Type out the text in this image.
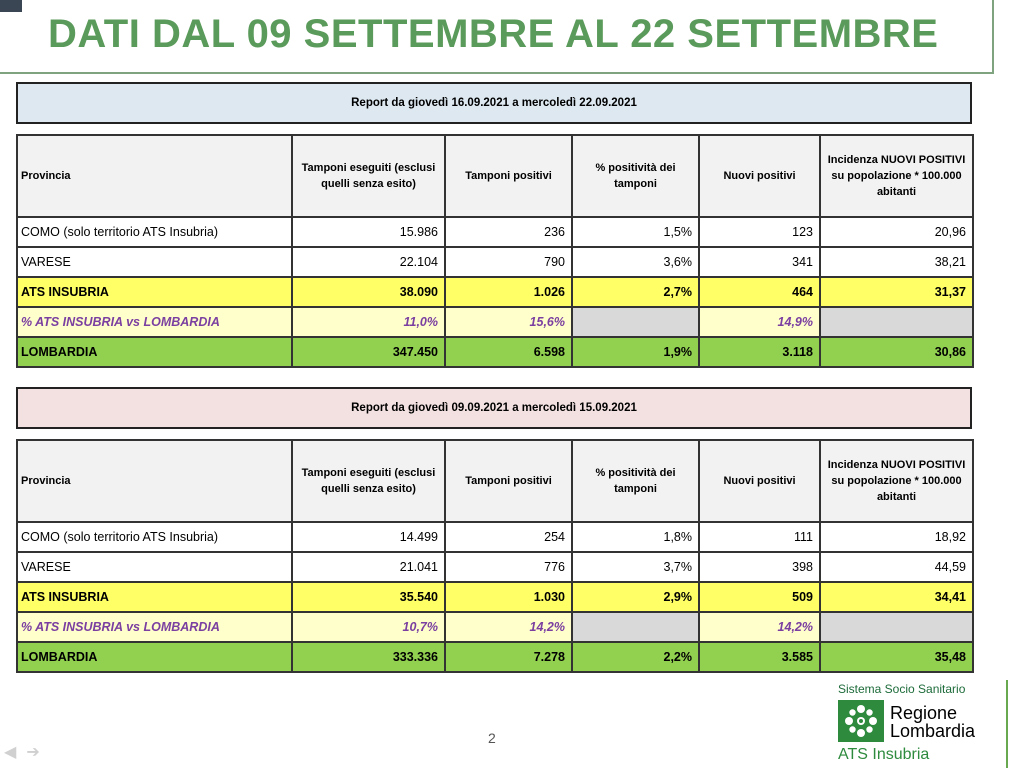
DATI DAL 09 SETTEMBRE AL 22 SETTEMBRE
Report da giovedì 16.09.2021 a mercoledì 22.09.2021
Provincia	Tamponi eseguiti (esclusi quelli senza esito)	Tamponi positivi	% positività dei tamponi	Nuovi positivi	Incidenza NUOVI POSITIVI su popolazione * 100.000 abitanti
COMO (solo territorio ATS Insubria)	15.986	236	1,5%	123	20,96
VARESE	22.104	790	3,6%	341	38,21
ATS INSUBRIA	38.090	1.026	2,7%	464	31,37
% ATS INSUBRIA vs LOMBARDIA	11,0%	15,6%		14,9%	
LOMBARDIA	347.450	6.598	1,9%	3.118	30,86
Report da giovedì 09.09.2021 a mercoledì 15.09.2021
Provincia	Tamponi eseguiti (esclusi quelli senza esito)	Tamponi positivi	% positività dei tamponi	Nuovi positivi	Incidenza NUOVI POSITIVI su popolazione * 100.000 abitanti
COMO (solo territorio ATS Insubria)	14.499	254	1,8%	111	18,92
VARESE	21.041	776	3,7%	398	44,59
ATS INSUBRIA	35.540	1.030	2,9%	509	34,41
% ATS INSUBRIA vs LOMBARDIA	10,7%	14,2%		14,2%	
LOMBARDIA	333.336	7.278	2,2%	3.585	35,48
2
◀ ➔
Sistema Socio Sanitario
Regione
Lombardia
ATS Insubria
